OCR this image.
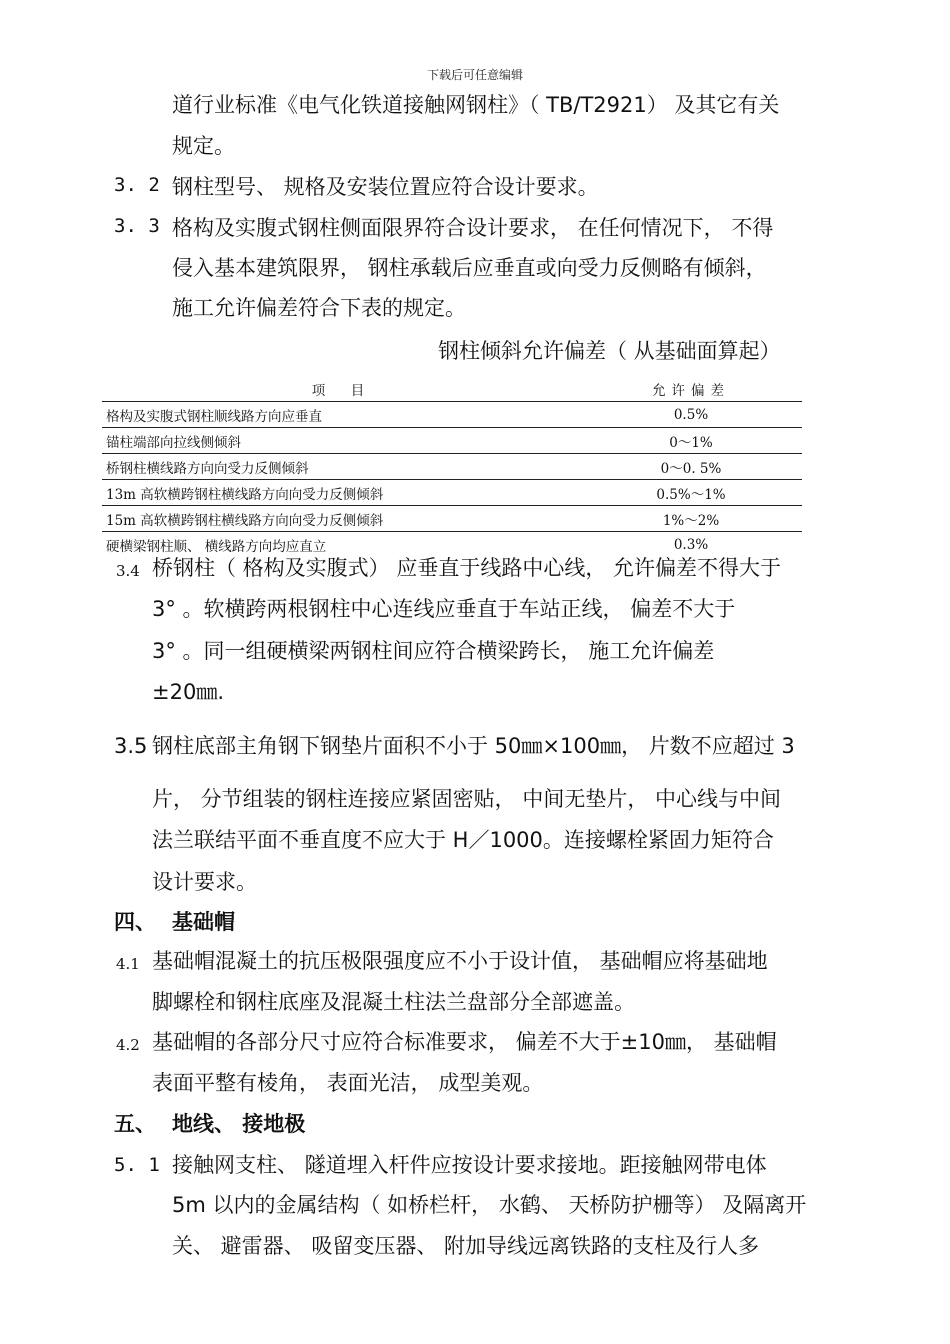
下载后可任意编辑
道行业标准《电气化铁道接触网钢柱》（ TB/T2921） 及其它有关
规定。
3. 2 钢柱型号、 规格及安装位置应符合设计要求。
3. 3 格构及实腹式钢柱侧面限界符合设计要求， 在任何情况下， 不得
侵入基本建筑限界， 钢柱承载后应垂直或向受力反侧略有倾斜，
施工允许偏差符合下表的规定。
钢柱倾斜允许偏差（ 从基础面算起）
项　目	允许偏差
格构及实腹式钢柱顺线路方向应垂直	0.5%
锚柱端部向拉线侧倾斜	0～1%
桥钢柱横线路方向向受力反侧倾斜	0～0. 5%
13m 高软横跨钢柱横线路方向向受力反侧倾斜	0.5%～1%
15m 高软横跨钢柱横线路方向向受力反侧倾斜	1%～2%
硬横梁钢柱顺、 横线路方向均应直立	0.3%
3.4 桥钢柱（ 格构及实腹式） 应垂直于线路中心线， 允许偏差不得大于
3° 。软横跨两根钢柱中心连线应垂直于车站正线， 偏差不大于
3° 。同一组硬横梁两钢柱间应符合横梁跨长， 施工允许偏差
±20㎜.
3.5 钢柱底部主角钢下钢垫片面积不小于 50㎜×100㎜， 片数不应超过 3
片， 分节组装的钢柱连接应紧固密贴， 中间无垫片， 中心线与中间
法兰联结平面不垂直度不应大于 H／1000。连接螺栓紧固力矩符合
设计要求。
四、 基础帽
4.1 基础帽混凝土的抗压极限强度应不小于设计值， 基础帽应将基础地
脚螺栓和钢柱底座及混凝土柱法兰盘部分全部遮盖。
4.2 基础帽的各部分尺寸应符合标准要求， 偏差不大于±10㎜， 基础帽
表面平整有棱角， 表面光洁， 成型美观。
五、 地线、 接地极
5. 1 接触网支柱、 隧道埋入杆件应按设计要求接地。距接触网带电体
5m 以内的金属结构（ 如桥栏杆， 水鹤、 天桥防护栅等） 及隔离开
关、 避雷器、 吸留变压器、 附加导线远离铁路的支柱及行人多
